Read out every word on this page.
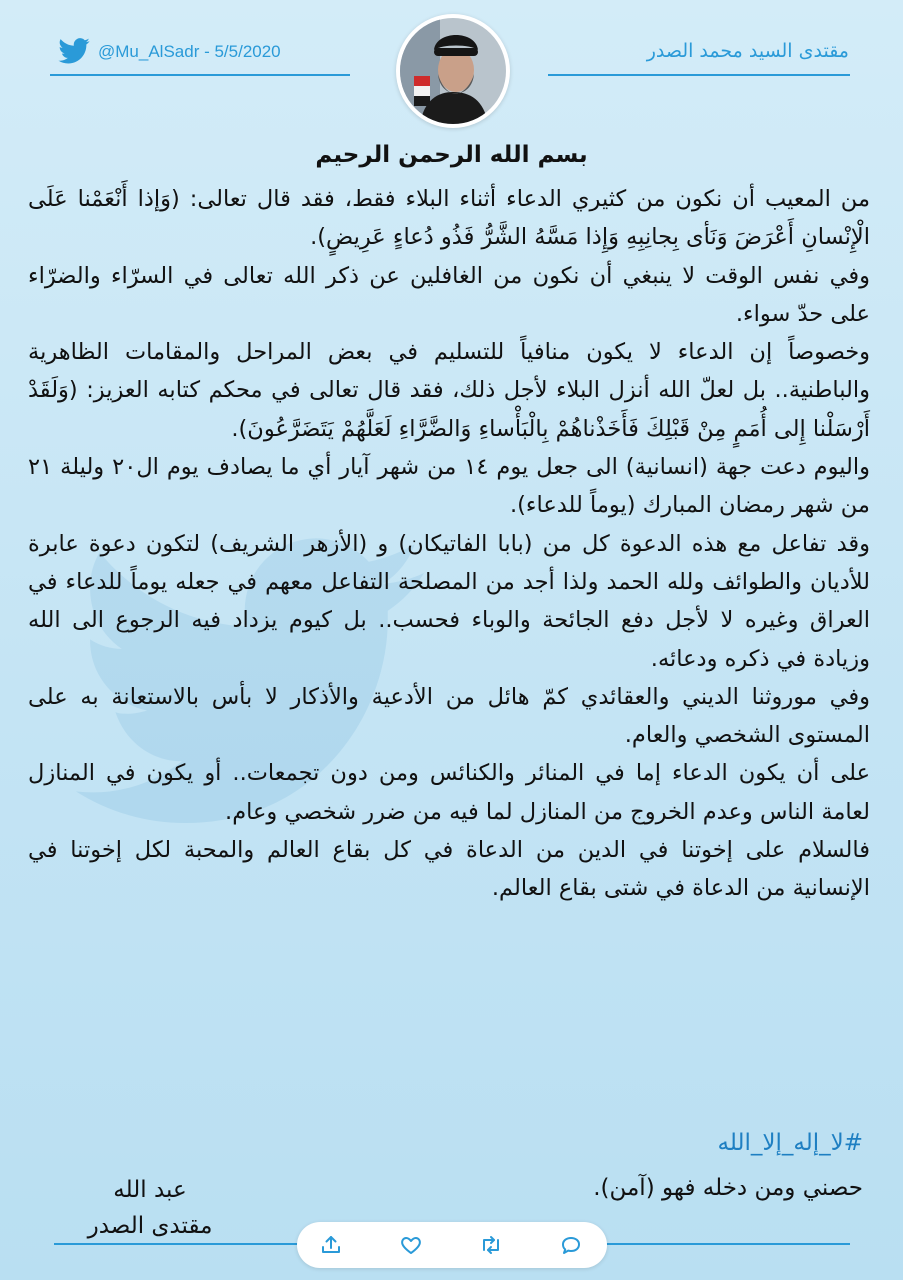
@Mu_AlSadr - 5/5/2020	مقتدى السيد محمد الصدر
بسم الله الرحمن الرحيم

من المعيب أن نكون من كثيري الدعاء أثناء البلاء فقط، فقد قال تعالى: (وَإذا أَنْعَمْنا عَلَى الْإِنْسانِ أَعْرَضَ وَنَأى بِجانِبِهِ وَإِذا مَسَّهُ الشَّرُّ فَذُو دُعاءٍ عَرِيضٍ).

وفي نفس الوقت لا ينبغي أن نكون من الغافلين عن ذكر الله تعالى في السرّاء والضرّاء على حدّ سواء.

وخصوصاً إن الدعاء لا يكون منافياً للتسليم في بعض المراحل والمقامات الظاهرية والباطنية.. بل لعلّ الله أنزل البلاء لأجل ذلك، فقد قال تعالى في محكم كتابه العزيز: (وَلَقَدْ أَرْسَلْنا إِلى أُمَمٍ مِنْ قَبْلِكَ فَأَخَذْناهُمْ بِالْبَأْساءِ وَالضَّرَّاءِ لَعَلَّهُمْ يَتَضَرَّعُونَ).

واليوم دعت جهة (انسانية) الى جعل يوم ١٤ من شهر آيار أي ما يصادف يوم ال٢٠ وليلة ٢١ من شهر رمضان المبارك (يوماً للدعاء).

وقد تفاعل مع هذه الدعوة كل من (بابا الفاتيكان) و (الأزهر الشريف) لتكون دعوة عابرة للأديان والطوائف ولله الحمد ولذا أجد من المصلحة التفاعل معهم في جعله يوماً للدعاء في العراق وغيره لا لأجل دفع الجائحة والوباء فحسب.. بل كيوم يزداد فيه الرجوع الى الله وزيادة في ذكره ودعائه.

وفي موروثنا الديني والعقائدي كمّ هائل من الأدعية والأذكار لا بأس بالاستعانة به على المستوى الشخصي والعام.

على أن يكون الدعاء إما في المنائر والكنائس ومن دون تجمعات.. أو يكون في المنازل لعامة الناس وعدم الخروج من المنازل لما فيه من ضرر شخصي وعام.

فالسلام على إخوتنا في الدين من الدعاة في كل بقاع العالم والمحبة لكل إخوتنا في الإنسانية من الدعاة في شتى بقاع العالم.

#لا_إله_إلا_الله
حصني ومن دخله فهو (آمن).
عبد الله
مقتدى الصدر
